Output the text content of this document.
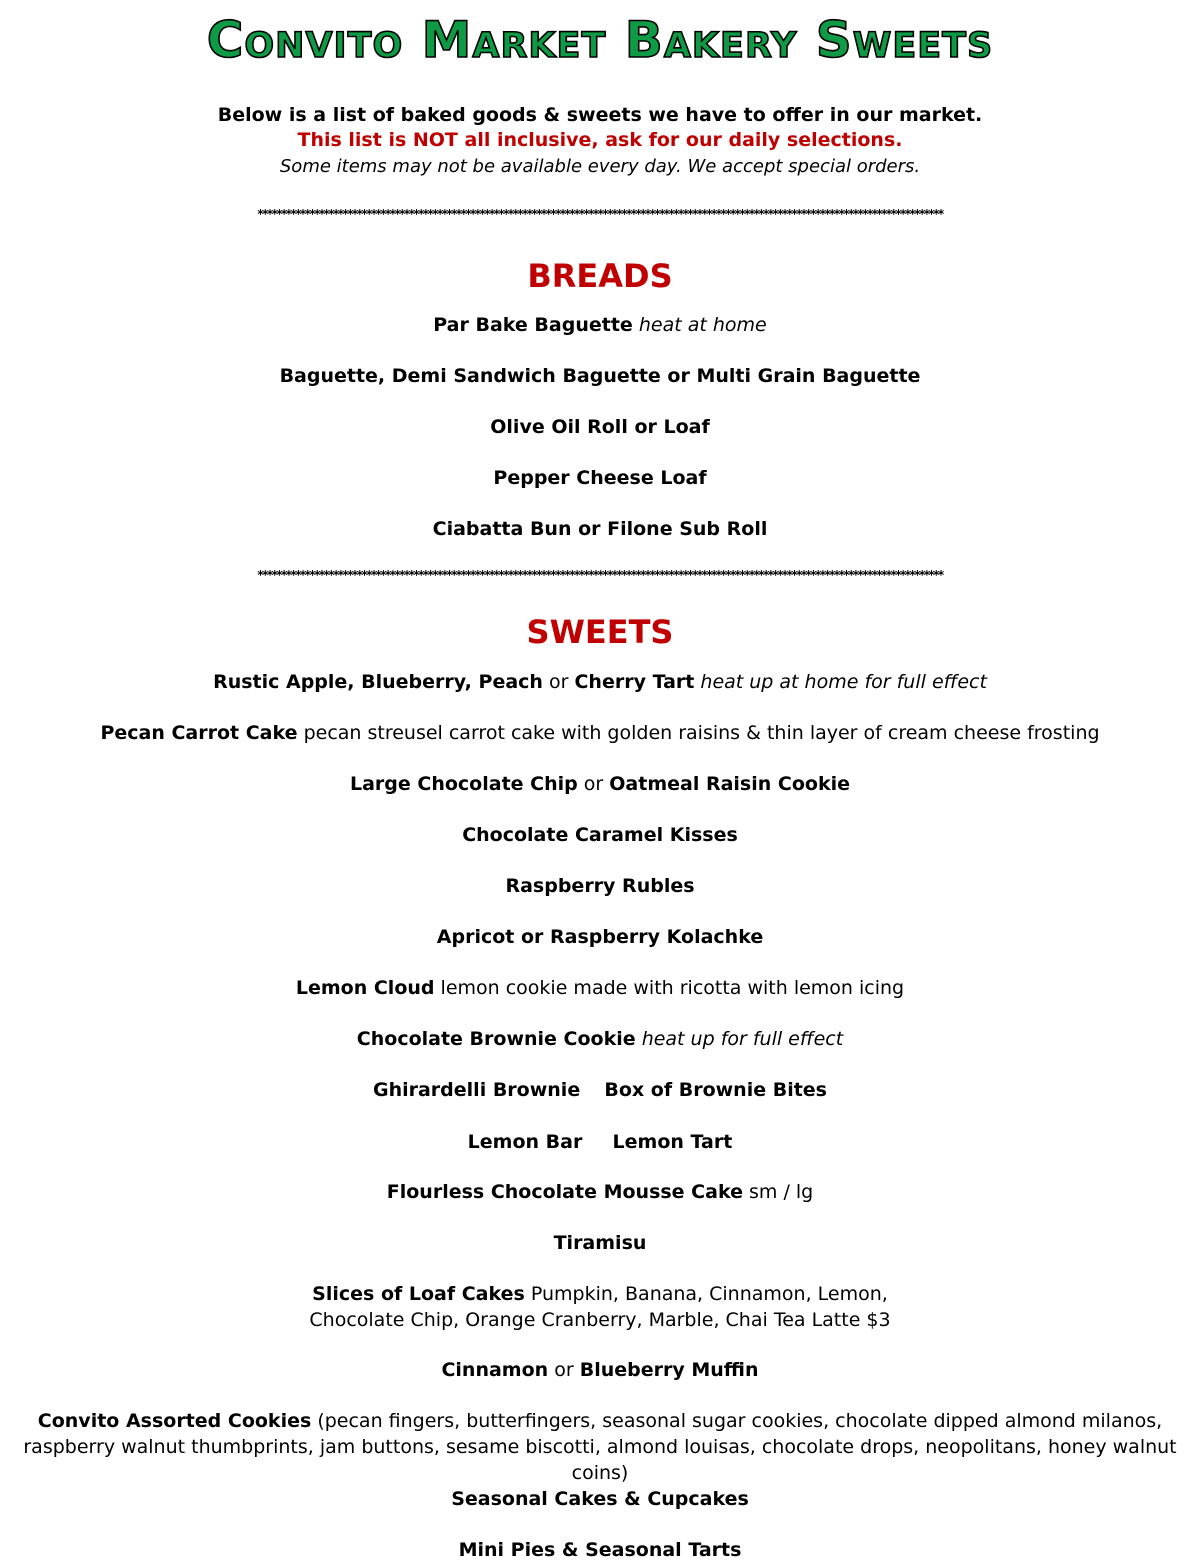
Convito Market Bakery Sweets
Below is a list of baked goods & sweets we have to offer in our market.
This list is NOT all inclusive, ask for our daily selections.
Some items may not be available every day. We accept special orders.
*************************************************************************************************************************************************
BREADS
Par Bake Baguette heat at home
Baguette, Demi Sandwich Baguette or Multi Grain Baguette
Olive Oil Roll or Loaf
Pepper Cheese Loaf
Ciabatta Bun or Filone Sub Roll
*************************************************************************************************************************************************
SWEETS
Rustic Apple, Blueberry, Peach or Cherry Tart heat up at home for full effect
Pecan Carrot Cake pecan streusel carrot cake with golden raisins & thin layer of cream cheese frosting
Large Chocolate Chip or Oatmeal Raisin Cookie
Chocolate Caramel Kisses
Raspberry Rubles
Apricot or Raspberry Kolachke
Lemon Cloud lemon cookie made with ricotta with lemon icing
Chocolate Brownie Cookie heat up for full effect
Ghirardelli Brownie Box of Brownie Bites
Lemon Bar Lemon Tart
Flourless Chocolate Mousse Cake sm / lg
Tiramisu
Slices of Loaf Cakes Pumpkin, Banana, Cinnamon, Lemon,
Chocolate Chip, Orange Cranberry, Marble, Chai Tea Latte $3
Cinnamon or Blueberry Muffin
Convito Assorted Cookies (pecan fingers, butterfingers, seasonal sugar cookies, chocolate dipped almond milanos, raspberry walnut thumbprints, jam buttons, sesame biscotti, almond louisas, chocolate drops, neopolitans, honey walnut coins)
Seasonal Cakes & Cupcakes
Mini Pies & Seasonal Tarts
